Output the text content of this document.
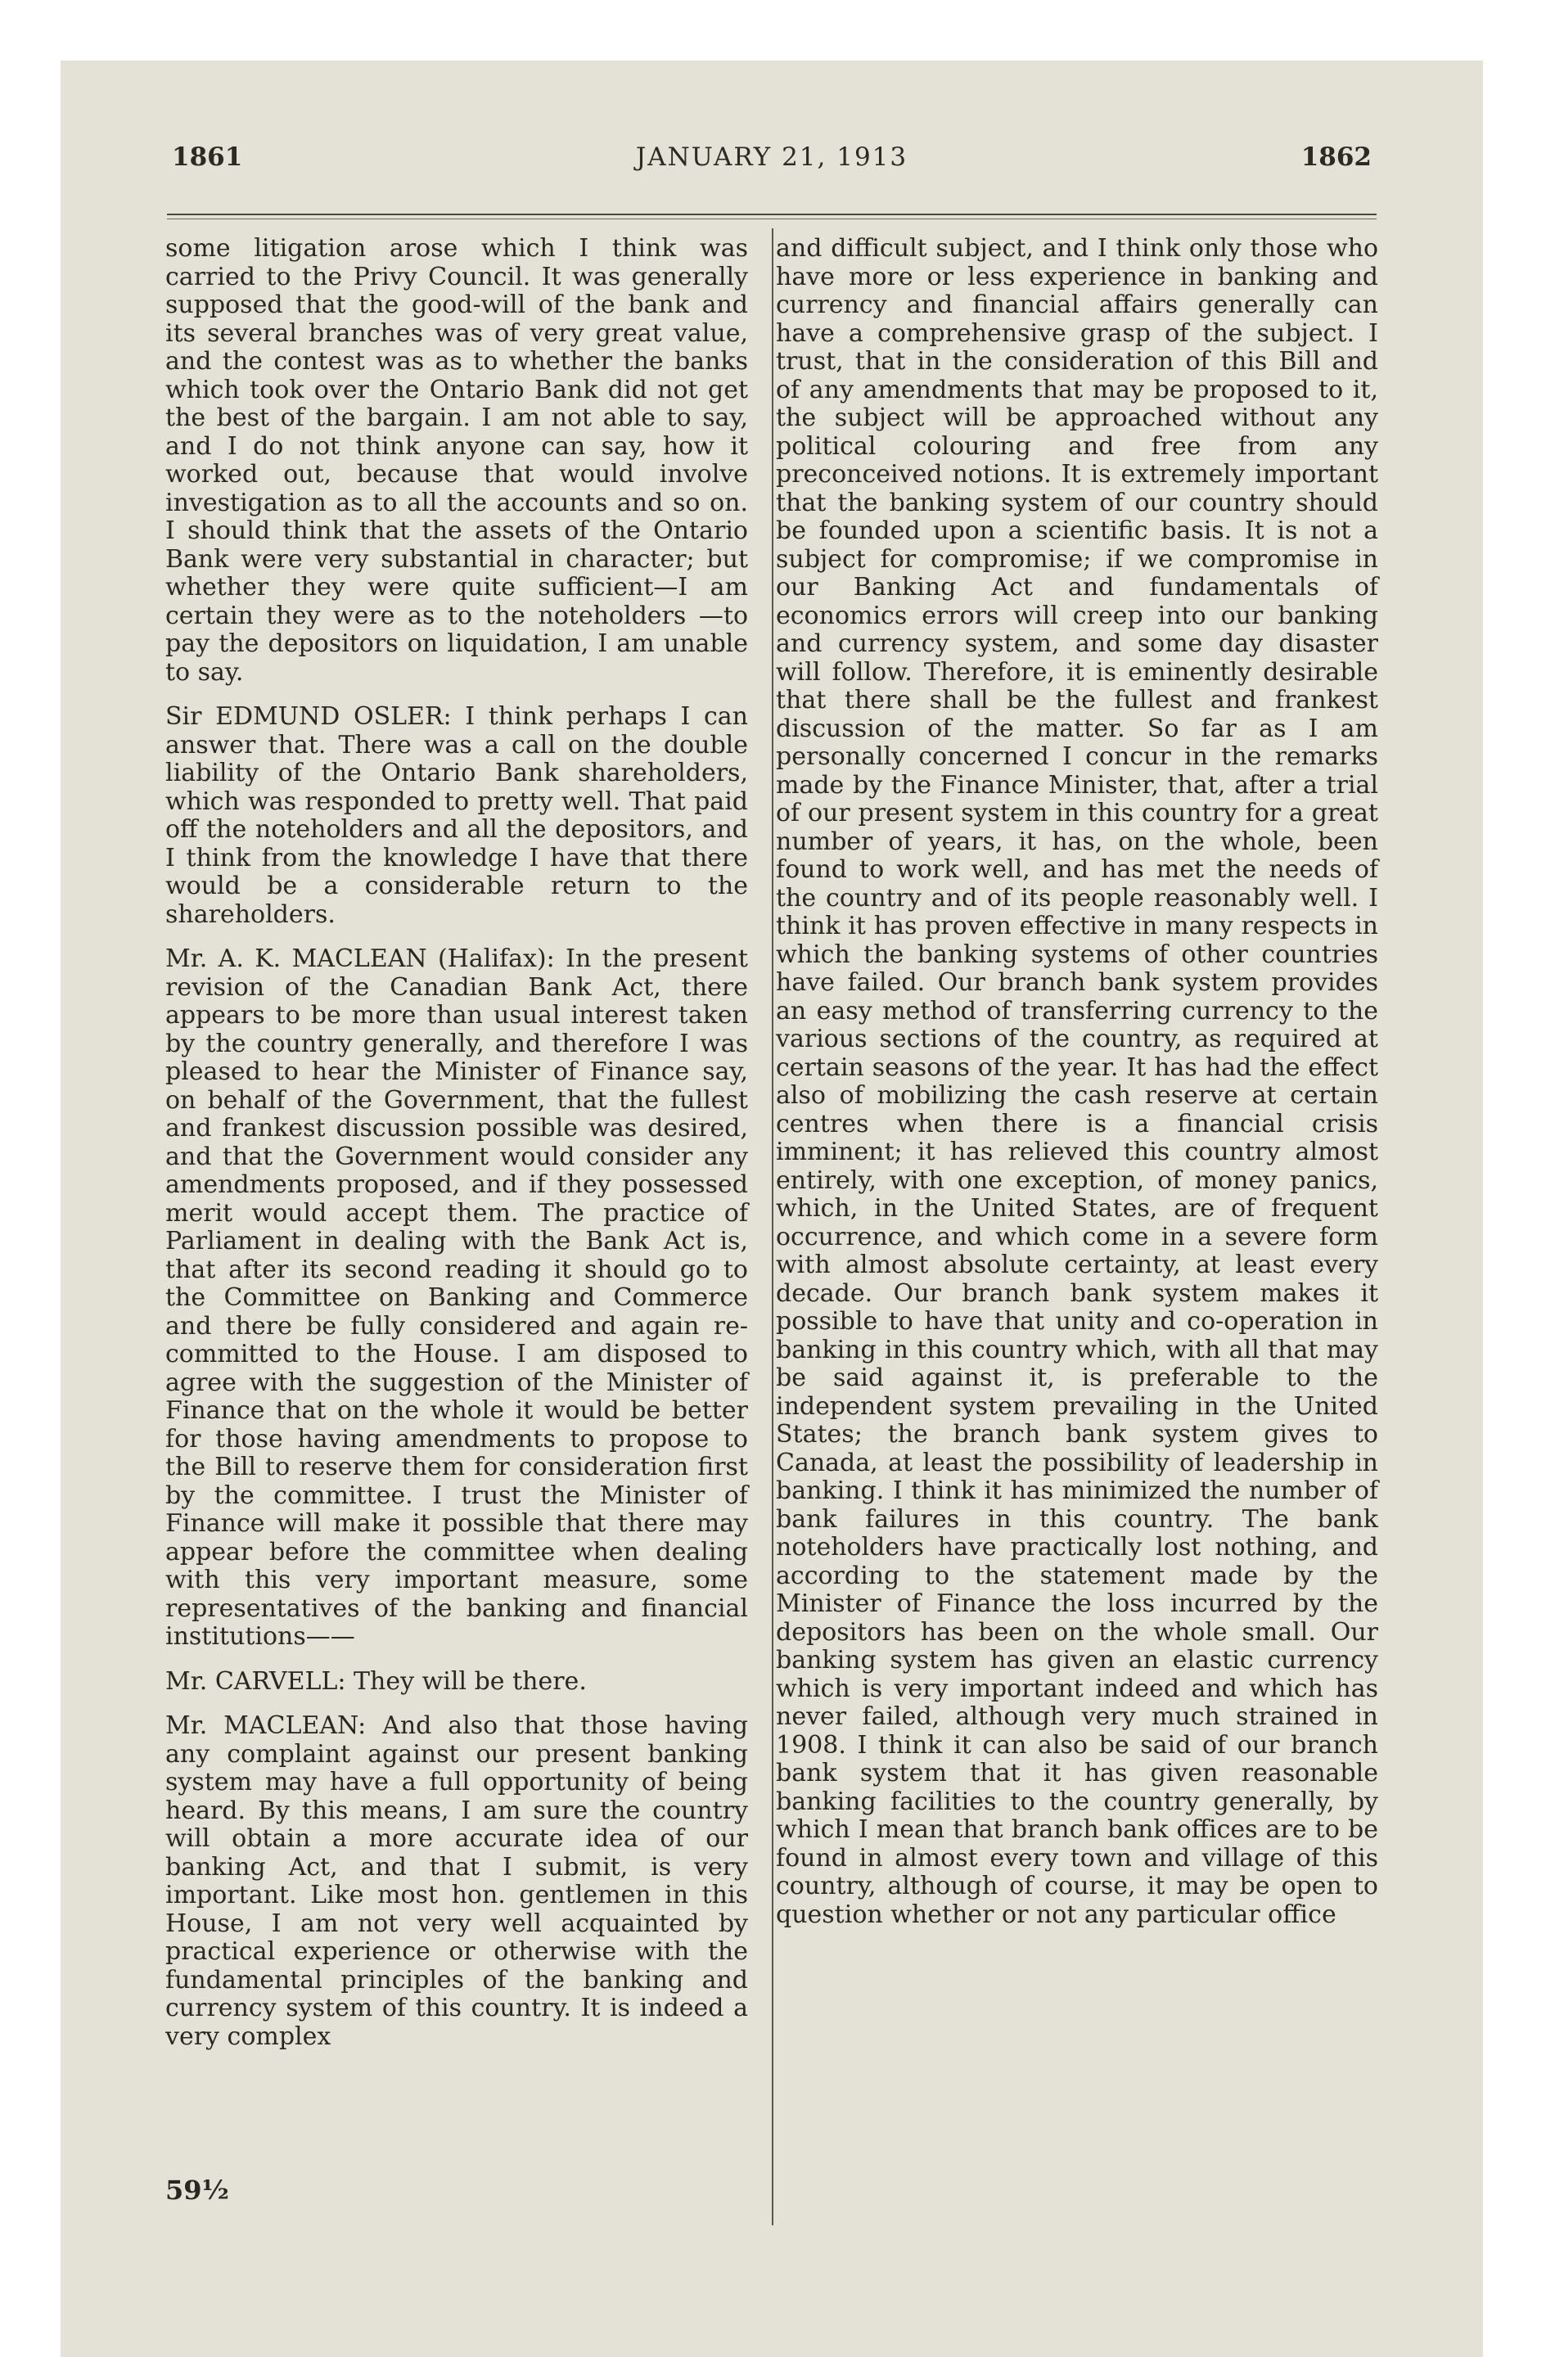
1861	JANUARY 21, 1913	1862

some litigation arose which I think was carried to the Privy Council. It was generally supposed that the good-will of the bank and its several branches was of very great value, and the contest was as to whether the banks which took over the Ontario Bank did not get the best of the bargain. I am not able to say, and I do not think anyone can say, how it worked out, because that would involve investigation as to all the accounts and so on. I should think that the assets of the Ontario Bank were very substantial in character; but whether they were quite sufficient—I am certain they were as to the noteholders —to pay the depositors on liquidation, I am unable to say.

Sir EDMUND OSLER: I think perhaps I can answer that. There was a call on the double liability of the Ontario Bank shareholders, which was responded to pretty well. That paid off the noteholders and all the depositors, and I think from the knowledge I have that there would be a considerable return to the shareholders.

Mr. A. K. MACLEAN (Halifax): In the present revision of the Canadian Bank Act, there appears to be more than usual interest taken by the country generally, and therefore I was pleased to hear the Minister of Finance say, on behalf of the Government, that the fullest and frankest discussion possible was desired, and that the Government would consider any amendments proposed, and if they possessed merit would accept them. The practice of Parliament in dealing with the Bank Act is, that after its second reading it should go to the Committee on Banking and Commerce and there be fully considered and again re-committed to the House. I am disposed to agree with the suggestion of the Minister of Finance that on the whole it would be better for those having amendments to propose to the Bill to reserve them for consideration first by the committee. I trust the Minister of Finance will make it possible that there may appear before the committee when dealing with this very important measure, some representatives of the banking and financial institutions——

Mr. CARVELL: They will be there.

Mr. MACLEAN: And also that those having any complaint against our present banking system may have a full opportunity of being heard. By this means, I am sure the country will obtain a more accurate idea of our banking Act, and that I submit, is very important. Like most hon. gentlemen in this House, I am not very well acquainted by practical experience or otherwise with the fundamental principles of the banking and currency system of this country. It is indeed a very complex

and difficult subject, and I think only those who have more or less experience in banking and currency and financial affairs generally can have a comprehensive grasp of the subject. I trust, that in the consideration of this Bill and of any amendments that may be proposed to it, the subject will be approached without any political colouring and free from any preconceived notions. It is extremely important that the banking system of our country should be founded upon a scientific basis. It is not a subject for compromise; if we compromise in our Banking Act and fundamentals of economics errors will creep into our banking and currency system, and some day disaster will follow. Therefore, it is eminently desirable that there shall be the fullest and frankest discussion of the matter. So far as I am personally concerned I concur in the remarks made by the Finance Minister, that, after a trial of our present system in this country for a great number of years, it has, on the whole, been found to work well, and has met the needs of the country and of its people reasonably well. I think it has proven effective in many respects in which the banking systems of other countries have failed. Our branch bank system provides an easy method of transferring currency to the various sections of the country, as required at certain seasons of the year. It has had the effect also of mobilizing the cash reserve at certain centres when there is a financial crisis imminent; it has relieved this country almost entirely, with one exception, of money panics, which, in the United States, are of frequent occurrence, and which come in a severe form with almost absolute certainty, at least every decade. Our branch bank system makes it possible to have that unity and co-operation in banking in this country which, with all that may be said against it, is preferable to the independent system prevailing in the United States; the branch bank system gives to Canada, at least the possibility of leadership in banking. I think it has minimized the number of bank failures in this country. The bank noteholders have practically lost nothing, and according to the statement made by the Minister of Finance the loss incurred by the depositors has been on the whole small. Our banking system has given an elastic currency which is very important indeed and which has never failed, although very much strained in 1908. I think it can also be said of our branch bank system that it has given reasonable banking facilities to the country generally, by which I mean that branch bank offices are to be found in almost every town and village of this country, although of course, it may be open to question whether or not any particular office

59½
